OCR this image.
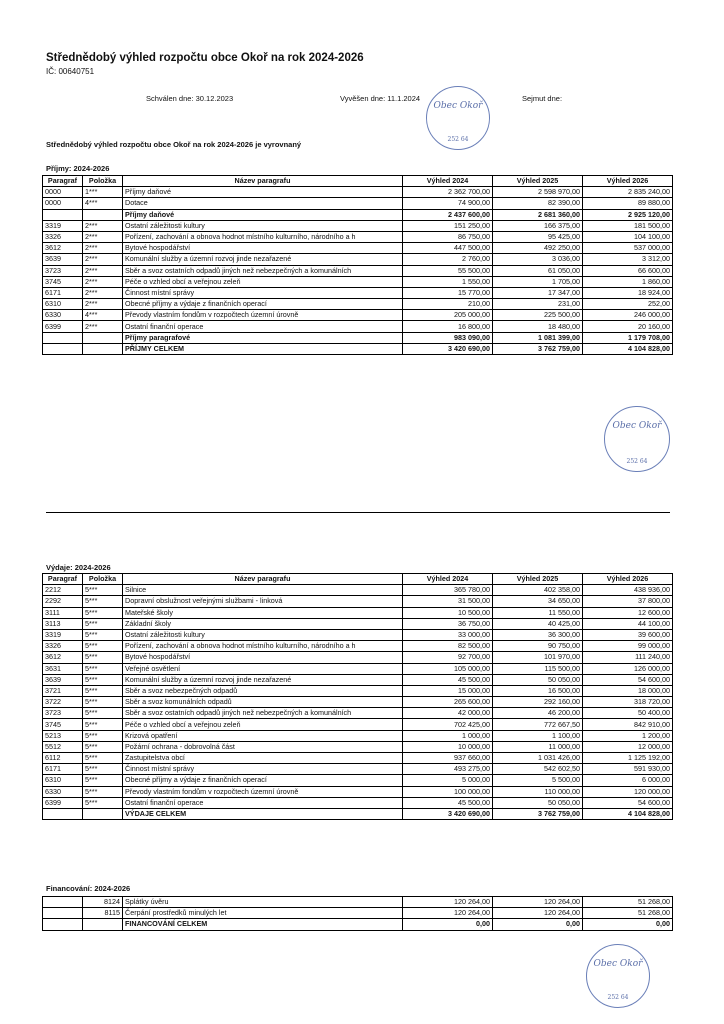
Střednědobý výhled rozpočtu obce Okoř na rok 2024-2026
IČ: 00640751
Schválen dne: 30.12.2023	Vyvěšen dne: 11.1.2024	Sejmut dne:
Střednědobý výhled rozpočtu obce Okoř na rok 2024-2026 je vyrovnaný
Obec Okoř
252 64
Obec Okoř
252 64
Obec Okoř
252 64
Příjmy: 2024-2026
Paragraf	Položka	Název paragrafu	Výhled 2024	Výhled 2025	Výhled 2026
0000	1***	Příjmy daňové	2 362 700,00	2 598 970,00	2 835 240,00
0000	4***	Dotace	74 900,00	82 390,00	89 880,00
		Příjmy daňové	2 437 600,00	2 681 360,00	2 925 120,00
3319	2***	Ostatní záležitosti kultury	151 250,00	166 375,00	181 500,00
3326	2***	Pořízení, zachování a obnova hodnot místního kulturního, národního a h	86 750,00	95 425,00	104 100,00
3612	2***	Bytové hospodářství	447 500,00	492 250,00	537 000,00
3639	2***	Komunální služby a územní rozvoj jinde nezařazené	2 760,00	3 036,00	3 312,00
3723	2***	Sběr a svoz ostatních odpadů jiných než nebezpečných a komunálních	55 500,00	61 050,00	66 600,00
3745	2***	Péče o vzhled obcí a veřejnou zeleň	1 550,00	1 705,00	1 860,00
6171	2***	Činnost místní správy	15 770,00	17 347,00	18 924,00
6310	2***	Obecné příjmy a výdaje z finančních operací	210,00	231,00	252,00
6330	4***	Převody vlastním fondům v rozpočtech územní úrovně	205 000,00	225 500,00	246 000,00
6399	2***	Ostatní finanční operace	16 800,00	18 480,00	20 160,00
		Příjmy paragrafové	983 090,00	1 081 399,00	1 179 708,00
		PŘÍJMY CELKEM	3 420 690,00	3 762 759,00	4 104 828,00
Výdaje: 2024-2026
Paragraf	Položka	Název paragrafu	Výhled 2024	Výhled 2025	Výhled 2026
2212	5***	Silnice	365 780,00	402 358,00	438 936,00
2292	5***	Dopravní obslužnost veřejnými službami - linková	31 500,00	34 650,00	37 800,00
3111	5***	Mateřské školy	10 500,00	11 550,00	12 600,00
3113	5***	Základní školy	36 750,00	40 425,00	44 100,00
3319	5***	Ostatní záležitosti kultury	33 000,00	36 300,00	39 600,00
3326	5***	Pořízení, zachování a obnova hodnot místního kulturního, národního a h	82 500,00	90 750,00	99 000,00
3612	5***	Bytové hospodářství	92 700,00	101 970,00	111 240,00
3631	5***	Veřejné osvětlení	105 000,00	115 500,00	126 000,00
3639	5***	Komunální služby a územní rozvoj jinde nezařazené	45 500,00	50 050,00	54 600,00
3721	5***	Sběr a svoz nebezpečných odpadů	15 000,00	16 500,00	18 000,00
3722	5***	Sběr a svoz komunálních odpadů	265 600,00	292 160,00	318 720,00
3723	5***	Sběr a svoz ostatních odpadů jiných než nebezpečných a komunálních	42 000,00	46 200,00	50 400,00
3745	5***	Péče o vzhled obcí a veřejnou zeleň	702 425,00	772 667,50	842 910,00
5213	5***	Krizová opatření	1 000,00	1 100,00	1 200,00
5512	5***	Požární ochrana - dobrovolná část	10 000,00	11 000,00	12 000,00
6112	5***	Zastupitelstva obcí	937 660,00	1 031 426,00	1 125 192,00
6171	5***	Činnost místní správy	493 275,00	542 602,50	591 930,00
6310	5***	Obecné příjmy a výdaje z finančních operací	5 000,00	5 500,00	6 000,00
6330	5***	Převody vlastním fondům v rozpočtech územní úrovně	100 000,00	110 000,00	120 000,00
6399	5***	Ostatní finanční operace	45 500,00	50 050,00	54 600,00
		VÝDAJE CELKEM	3 420 690,00	3 762 759,00	4 104 828,00
Financování: 2024-2026
	8124	Splátky úvěru	120 264,00	120 264,00	51 268,00
	8115	Čerpání prostředků minulých let	120 264,00	120 264,00	51 268,00
		FINANCOVÁNÍ CELKEM	0,00	0,00	0,00
